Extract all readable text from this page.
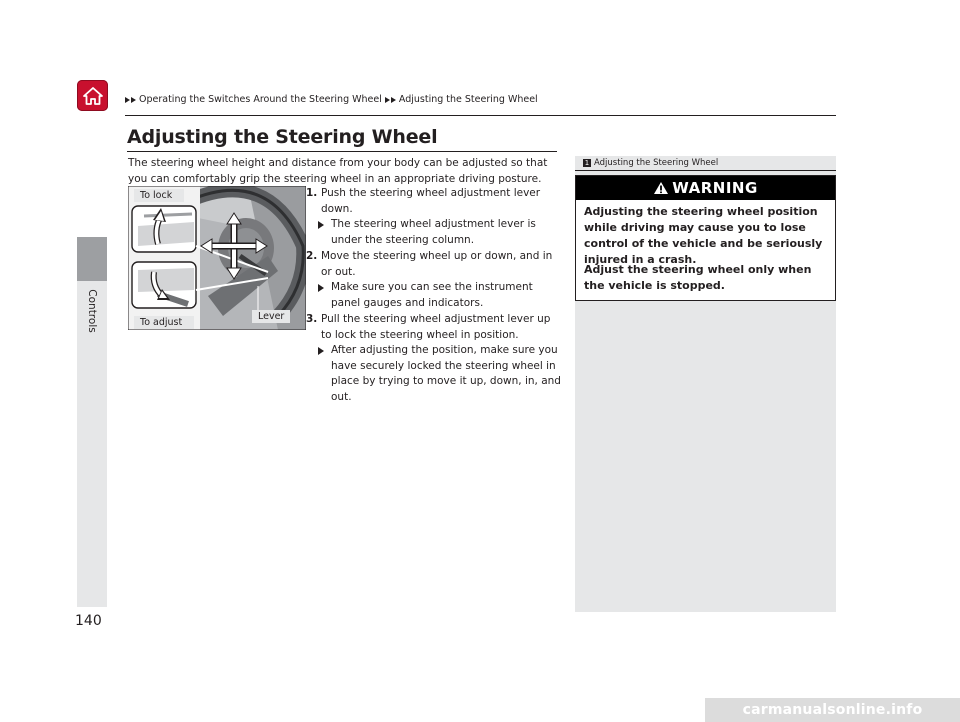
Operating the Switches Around the Steering Wheel Adjusting the Steering Wheel
Controls
Adjusting the Steering Wheel

The steering wheel height and distance from your body can be adjusted so that you can comfortably grip the steering wheel in an appropriate driving posture.

To lock
To adjust
Lever

1. Push the steering wheel adjustment lever down.

The steering wheel adjustment lever is under the steering column.

2. Move the steering wheel up or down, and in or out.

Make sure you can see the instrument panel gauges and indicators.

3. Pull the steering wheel adjustment lever up to lock the steering wheel in position.

After adjusting the position, make sure you have securely locked the steering wheel in place by trying to move it up, down, in, and out.

1 Adjusting the Steering Wheel
WARNING

Adjusting the steering wheel position while driving may cause you to lose control of the vehicle and be seriously injured in a crash.

Adjust the steering wheel only when the vehicle is stopped.

140
carmanualsonline.info
